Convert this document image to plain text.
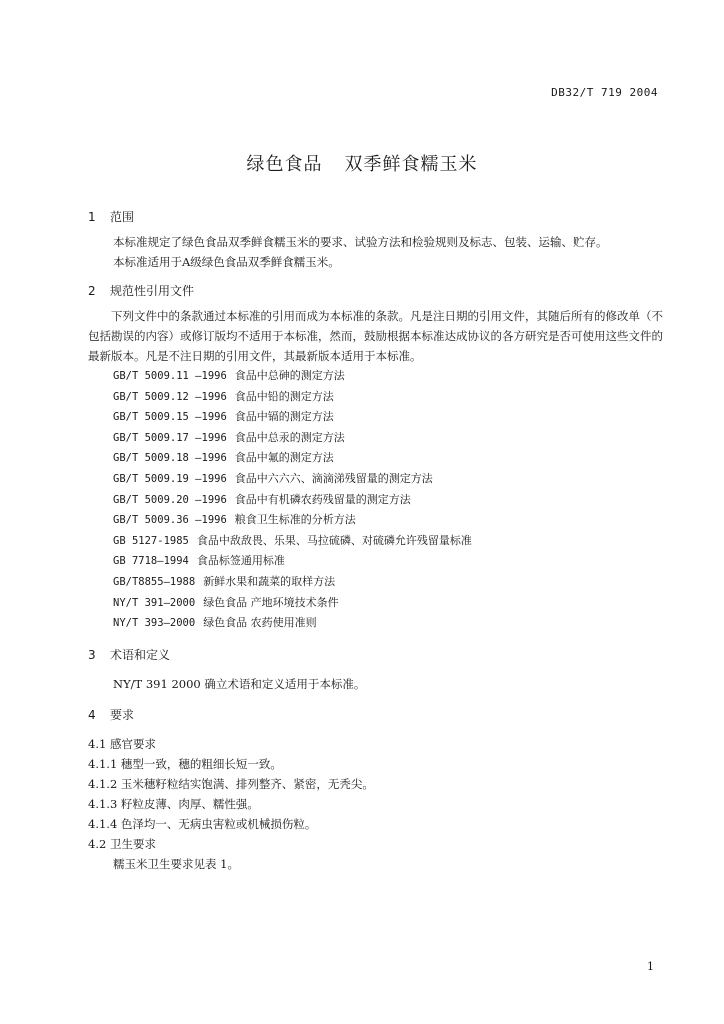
DB32/T 719 2004
绿色食品 双季鲜食糯玉米
1 范围
本标准规定了绿色食品双季鲜食糯玉米的要求、试验方法和检验规则及标志、包装、运输、贮存。
本标准适用于A级绿色食品双季鲜食糯玉米。
2 规范性引用文件
下列文件中的条款通过本标准的引用而成为本标准的条款。凡是注日期的引用文件，其随后所有的修改单（不包括勘误的内容）或修订版均不适用于本标准，然而，鼓励根据本标准达成协议的各方研究是否可使用这些文件的最新版本。凡是不注日期的引用文件，其最新版本适用于本标准。
GB/T 5009.11 —1996 食品中总砷的测定方法
GB/T 5009.12 —1996 食品中铅的测定方法
GB/T 5009.15 —1996 食品中镉的测定方法
GB/T 5009.17 —1996 食品中总汞的测定方法
GB/T 5009.18 —1996 食品中氟的测定方法
GB/T 5009.19 —1996 食品中六六六、滴滴涕残留量的测定方法
GB/T 5009.20 —1996 食品中有机磷农药残留量的测定方法
GB/T 5009.36 —1996 粮食卫生标准的分析方法
GB 5127-1985 食品中敌敌畏、乐果、马拉硫磷、对硫磷允许残留量标准
GB 7718—1994 食品标签通用标准
GB/T8855—1988 新鲜水果和蔬菜的取样方法
NY/T 391—2000 绿色食品 产地环境技术条件
NY/T 393—2000 绿色食品 农药使用准则
3 术语和定义
NY/T 391 2000 确立术语和定义适用于本标准。
4 要求
4.1 感官要求
4.1.1 穗型一致，穗的粗细长短一致。
4.1.2 玉米穗籽粒结实饱满、排列整齐、紧密，无秃尖。
4.1.3 籽粒皮薄、肉厚、糯性强。
4.1.4 色泽均一、无病虫害粒或机械损伤粒。
4.2 卫生要求
糯玉米卫生要求见表 1。
1
